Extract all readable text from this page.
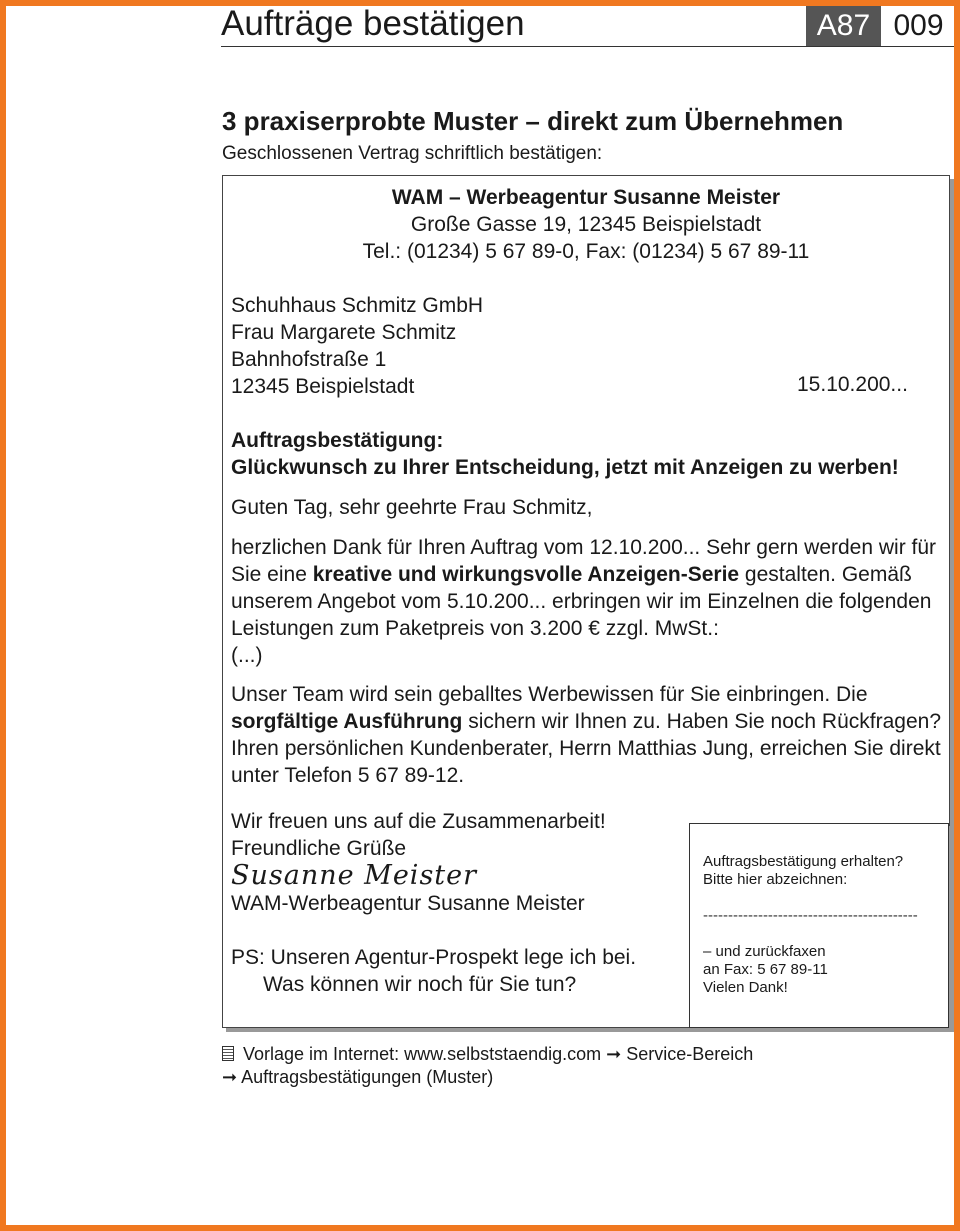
Aufträge bestätigen	A87 009
3 praxiserprobte Muster – direkt zum Übernehmen
Geschlossenen Vertrag schriftlich bestätigen:
WAM – Werbeagentur Susanne Meister
Große Gasse 19, 12345 Beispielstadt
Tel.: (01234) 5 67 89-0, Fax: (01234) 5 67 89-11
Schuhhaus Schmitz GmbH
Frau Margarete Schmitz
Bahnhofstraße 1
12345 Beispielstadt	15.10.200...
Auftragsbestätigung:
Glückwunsch zu Ihrer Entscheidung, jetzt mit Anzeigen zu werben!
Guten Tag, sehr geehrte Frau Schmitz,
herzlichen Dank für Ihren Auftrag vom 12.10.200... Sehr gern werden wir für Sie eine kreative und wirkungsvolle Anzeigen-Serie gestalten. Gemäß unserem Angebot vom 5.10.200... erbringen wir im Einzelnen die folgenden Leistungen zum Paketpreis von 3.200 € zzgl. MwSt.:
(...)
Unser Team wird sein geballtes Werbewissen für Sie einbringen. Die sorgfältige Ausführung sichern wir Ihnen zu. Haben Sie noch Rückfragen? Ihren persönlichen Kundenberater, Herrn Matthias Jung, erreichen Sie direkt unter Telefon 5 67 89-12.
Wir freuen uns auf die Zusammenarbeit!
Freundliche Grüße
Susanne Meister
WAM-Werbeagentur Susanne Meister
PS: Unseren Agentur-Prospekt lege ich bei.
Was können wir noch für Sie tun?
Auftragsbestätigung erhalten?
Bitte hier abzeichnen:
-------------------------------------------
– und zurückfaxen
an Fax: 5 67 89-11
Vielen Dank!
Vorlage im Internet: www.selbststaendig.com ➞ Service-Bereich
➞ Auftragsbestätigungen (Muster)
